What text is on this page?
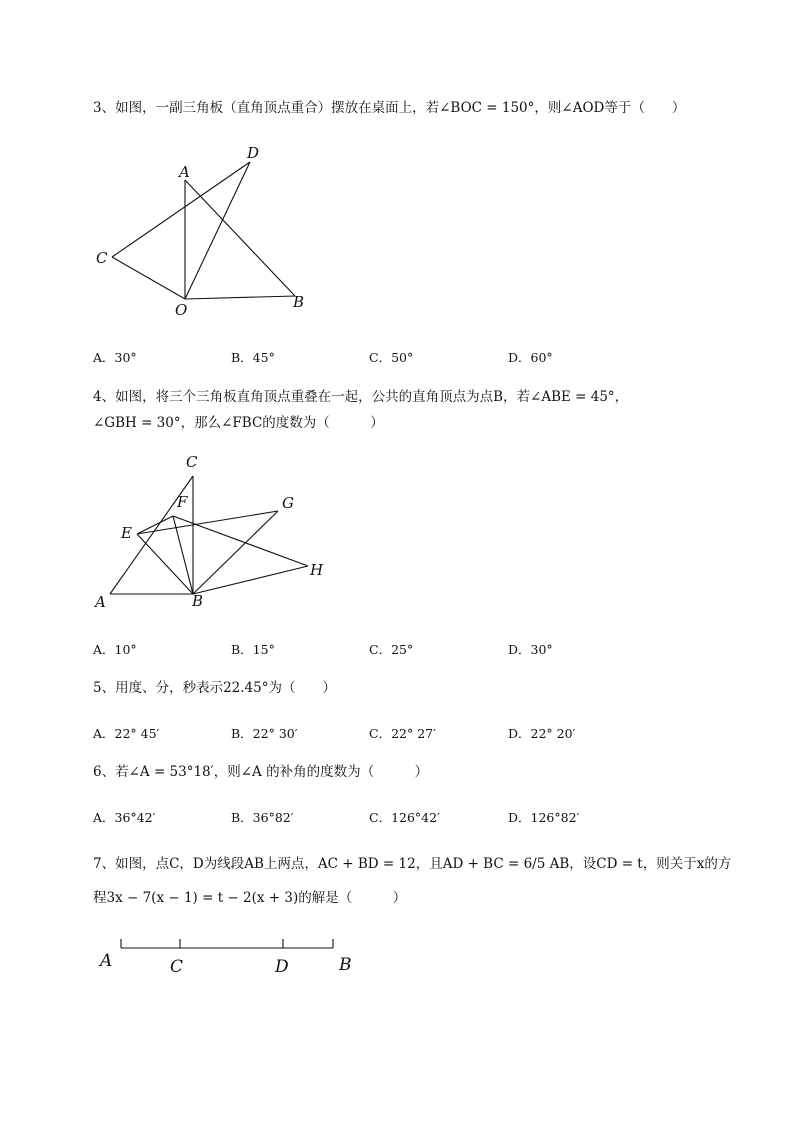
3、如图，一副三角板（直角顶点重合）摆放在桌面上，若∠BOC = 150°，则∠AOD等于（　　）
A
D
C
O	B
A．30°	B．45°	C．50°	D．60°
4、如图，将三个三角板直角顶点重叠在一起，公共的直角顶点为点B，若∠ABE = 45°，
∠GBH = 30°，那么∠FBC的度数为（　　　）
C
F	G
E
H
A	B
A．10°	B．15°	C．25°	D．30°
5、用度、分，秒表示22.45°为（　　）
A．22° 45′	B．22° 30′	C．22° 27′	D．22° 20′
6、若∠A = 53°18′，则∠A 的补角的度数为（　　　）
A．36°42′	B．36°82′	C．126°42′	D．126°82′
7、如图，点C，D为线段AB上两点，AC + BD = 12，且AD + BC = 6/5 AB，设CD = t，则关于x的方
程3x − 7(x − 1) = t − 2(x + 3)的解是（　　　）
A	C	D	B
